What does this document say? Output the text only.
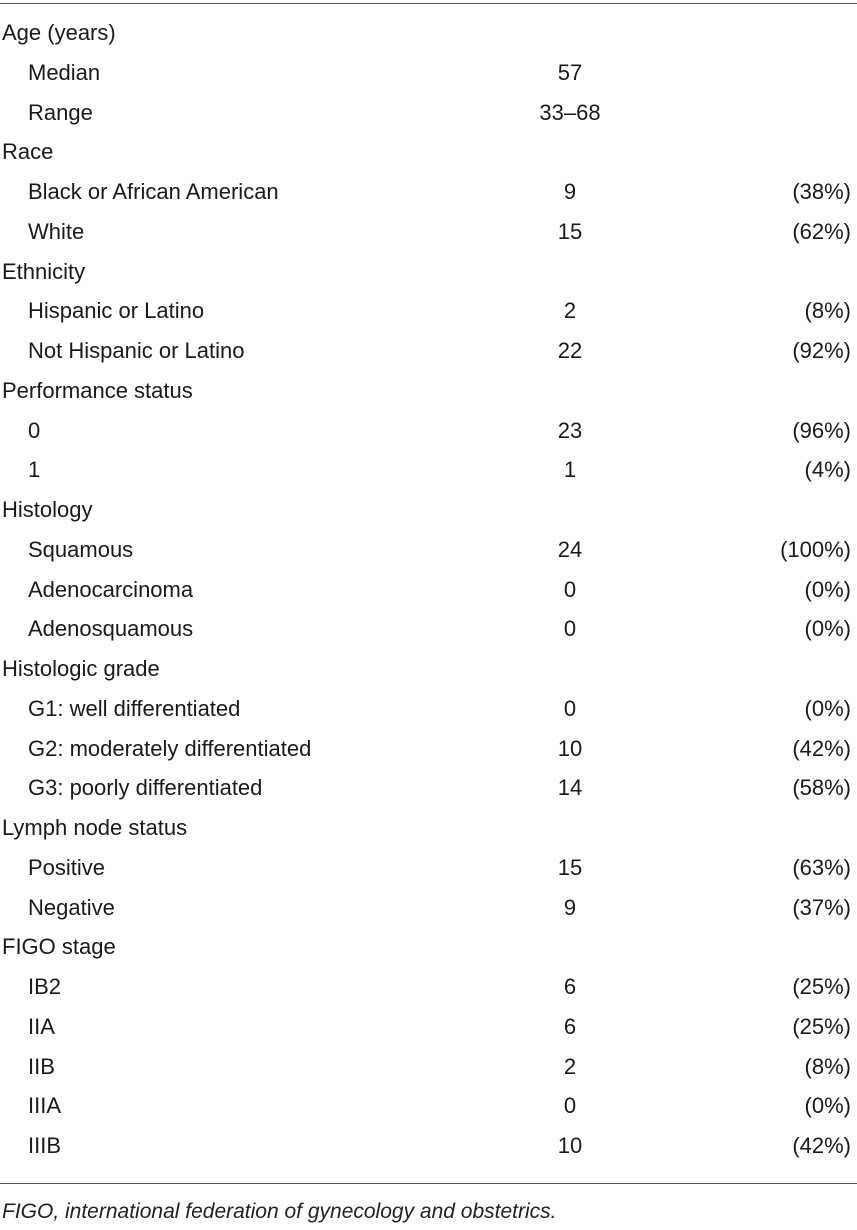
Age (years)
Median	57
Range	33–68
Race
Black or African American	9	(38%)
White	15	(62%)
Ethnicity
Hispanic or Latino	2	(8%)
Not Hispanic or Latino	22	(92%)
Performance status
0	23	(96%)
1	1	(4%)
Histology
Squamous	24	(100%)
Adenocarcinoma	0	(0%)
Adenosquamous	0	(0%)
Histologic grade
G1: well differentiated	0	(0%)
G2: moderately differentiated	10	(42%)
G3: poorly differentiated	14	(58%)
Lymph node status
Positive	15	(63%)
Negative	9	(37%)
FIGO stage
IB2	6	(25%)
IIA	6	(25%)
IIB	2	(8%)
IIIA	0	(0%)
IIIB	10	(42%)
FIGO, international federation of gynecology and obstetrics.
